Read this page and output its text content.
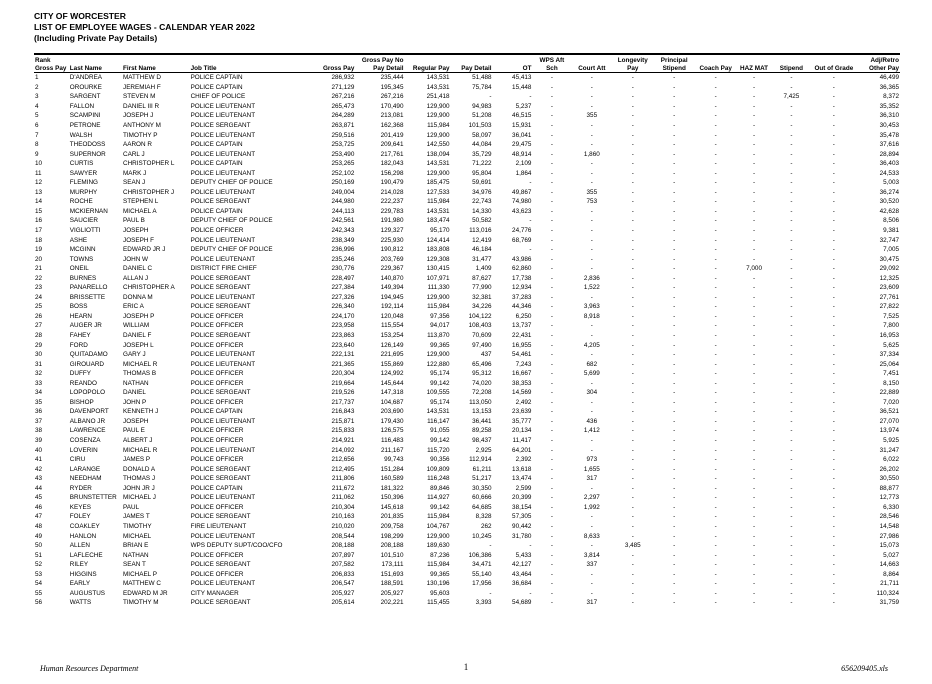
CITY OF WORCESTER
LIST OF EMPLOYEE WAGES - CALENDAR YEAR 2022
(Including Private Pay Details)
Rank Gross Pay	Last Name	First Name	Job Title	Gross Pay	Gross Pay No Pay Detail	Regular Pay	Pay Detail	OT	WPS Aft Sch	Court Att	Longevity Pay	Principal Stipend	Coach Pay	HAZ MAT	Stipend	Out of Grade	Adj/Retro Other Pay
1	D'ANDREA	MATTHEW D	POLICE CAPTAIN	286,932	235,444	143,531	51,488	45,413	-	-	-	-	-	-	-	-	46,499
2	OROURKE	JEREMIAH F	POLICE CAPTAIN	271,129	195,345	143,531	75,784	15,448	-	-	-	-	-	-	-	-	36,365
3	SARGENT	STEVEN M	CHIEF OF POLICE	267,216	267,216	251,418	-	-	-	-	-	-	-	-	7,425	-	8,372
4	FALLON	DANIEL III R	POLICE LIEUTENANT	265,473	170,490	129,900	94,983	5,237	-	-	-	-	-	-	-	-	35,352
5	SCAMPINI	JOSEPH J	POLICE LIEUTENANT	264,289	213,081	129,900	51,208	46,515	-	355	-	-	-	-	-	-	36,310
6	PETRONE	ANTHONY M	POLICE SERGEANT	263,871	162,368	115,984	101,503	15,931	-	-	-	-	-	-	-	-	30,453
7	WALSH	TIMOTHY P	POLICE LIEUTENANT	259,516	201,419	129,900	58,097	36,041	-	-	-	-	-	-	-	-	35,478
8	THEODOSS	AARON R	POLICE CAPTAIN	253,725	209,641	142,550	44,084	29,475	-	-	-	-	-	-	-	-	37,616
9	SUPERNOR	CARL J	POLICE LIEUTENANT	253,490	217,761	138,094	35,729	48,914	-	1,860	-	-	-	-	-	-	28,894
10	CURTIS	CHRISTOPHER L	POLICE CAPTAIN	253,265	182,043	143,531	71,222	2,109	-	-	-	-	-	-	-	-	36,403
11	SAWYER	MARK J	POLICE LIEUTENANT	252,102	156,298	129,900	95,804	1,864	-	-	-	-	-	-	-	-	24,533
12	FLEMING	SEAN J	DEPUTY CHIEF OF POLICE	250,169	190,479	185,475	59,691	-	-	-	-	-	-	-	-	-	5,003
13	MURPHY	CHRISTOPHER J	POLICE LIEUTENANT	249,004	214,028	127,533	34,976	49,867	-	355	-	-	-	-	-	-	36,274
14	ROCHE	STEPHEN L	POLICE SERGEANT	244,980	222,237	115,984	22,743	74,980	-	753	-	-	-	-	-	-	30,520
15	MCKIERNAN	MICHAEL A	POLICE CAPTAIN	244,113	229,783	143,531	14,330	43,623	-	-	-	-	-	-	-	-	42,628
16	SAUCIER	PAUL B	DEPUTY CHIEF OF POLICE	242,561	191,980	183,474	50,582	-	-	-	-	-	-	-	-	-	8,506
17	VIGLIOTTI	JOSEPH	POLICE OFFICER	242,343	129,327	95,170	113,016	24,776	-	-	-	-	-	-	-	-	9,381
18	ASHE	JOSEPH F	POLICE LIEUTENANT	238,349	225,930	124,414	12,419	68,769	-	-	-	-	-	-	-	-	32,747
19	MCGINN	EDWARD JR J	DEPUTY CHIEF OF POLICE	236,996	190,812	183,808	46,184	-	-	-	-	-	-	-	-	-	7,005
20	TOWNS	JOHN W	POLICE LIEUTENANT	235,246	203,769	129,308	31,477	43,986	-	-	-	-	-	-	-	-	30,475
21	ONEIL	DANIEL C	DISTRICT FIRE CHIEF	230,776	229,367	130,415	1,409	62,860	-	-	-	-	-	7,000	-	-	29,092
22	BURNES	ALLAN J	POLICE SERGEANT	228,497	140,870	107,971	87,627	17,738	-	2,836	-	-	-	-	-	-	12,325
23	PANARELLO	CHRISTOPHER A	POLICE SERGEANT	227,384	149,394	111,330	77,990	12,934	-	1,522	-	-	-	-	-	-	23,609
24	BRISSETTE	DONNA M	POLICE LIEUTENANT	227,326	194,945	129,900	32,381	37,283	-	-	-	-	-	-	-	-	27,761
25	BOSS	ERIC A	POLICE SERGEANT	226,340	192,114	115,984	34,226	44,346	-	3,963	-	-	-	-	-	-	27,822
26	HEARN	JOSEPH P	POLICE OFFICER	224,170	120,048	97,356	104,122	6,250	-	8,918	-	-	-	-	-	-	7,525
27	AUGER JR	WILLIAM	POLICE OFFICER	223,958	115,554	94,017	108,403	13,737	-	-	-	-	-	-	-	-	7,800
28	FAHEY	DANIEL F	POLICE SERGEANT	223,863	153,254	113,870	70,609	22,431	-	-	-	-	-	-	-	-	16,953
29	FORD	JOSEPH L	POLICE OFFICER	223,640	126,149	99,365	97,490	16,955	-	4,205	-	-	-	-	-	-	5,625
30	QUITADAMO	GARY J	POLICE LIEUTENANT	222,131	221,695	129,900	437	54,461	-	-	-	-	-	-	-	-	37,334
31	GIROUARD	MICHAEL R	POLICE LIEUTENANT	221,365	155,869	122,880	65,496	7,243	-	682	-	-	-	-	-	-	25,064
32	DUFFY	THOMAS B	POLICE OFFICER	220,304	124,992	95,174	95,312	16,667	-	5,699	-	-	-	-	-	-	7,451
33	REANDO	NATHAN	POLICE OFFICER	219,664	145,644	99,142	74,020	38,353	-	-	-	-	-	-	-	-	8,150
34	LOPOPOLO	DANIEL	POLICE SERGEANT	219,526	147,318	109,555	72,208	14,569	-	304	-	-	-	-	-	-	22,889
35	BISHOP	JOHN P	POLICE OFFICER	217,737	104,687	95,174	113,050	2,492	-	-	-	-	-	-	-	-	7,020
36	DAVENPORT	KENNETH J	POLICE CAPTAIN	216,843	203,690	143,531	13,153	23,639	-	-	-	-	-	-	-	-	36,521
37	ALBANO JR	JOSEPH	POLICE LIEUTENANT	215,871	179,430	116,147	36,441	35,777	-	436	-	-	-	-	-	-	27,070
38	LAWRENCE	PAUL E	POLICE OFFICER	215,833	126,575	91,055	89,258	20,134	-	1,412	-	-	-	-	-	-	13,974
39	COSENZA	ALBERT J	POLICE OFFICER	214,921	116,483	99,142	98,437	11,417	-	-	-	-	-	-	-	-	5,925
40	LOVERIN	MICHAEL R	POLICE LIEUTENANT	214,092	211,167	115,720	2,925	64,201	-	-	-	-	-	-	-	-	31,247
41	CIRU	JAMES P	POLICE OFFICER	212,656	99,743	90,356	112,914	2,392	-	973	-	-	-	-	-	-	6,022
42	LARANGE	DONALD A	POLICE SERGEANT	212,495	151,284	109,809	61,211	13,618	-	1,655	-	-	-	-	-	-	26,202
43	NEEDHAM	THOMAS J	POLICE SERGEANT	211,806	160,589	116,248	51,217	13,474	-	317	-	-	-	-	-	-	30,550
44	RYDER	JOHN JR J	POLICE CAPTAIN	211,672	181,322	89,846	30,350	2,599	-	-	-	-	-	-	-	-	88,877
45	BRUNSTETTER	MICHAEL J	POLICE LIEUTENANT	211,062	150,396	114,927	60,666	20,399	-	2,297	-	-	-	-	-	-	12,773
46	KEYES	PAUL	POLICE OFFICER	210,304	145,618	99,142	64,685	38,154	-	1,992	-	-	-	-	-	-	6,330
47	FOLEY	JAMES T	POLICE SERGEANT	210,163	201,835	115,984	8,328	57,305	-	-	-	-	-	-	-	-	28,546
48	COAKLEY	TIMOTHY	FIRE LIEUTENANT	210,020	209,758	104,767	262	90,442	-	-	-	-	-	-	-	-	14,548
49	HANLON	MICHAEL	POLICE LIEUTENANT	208,544	198,299	129,900	10,245	31,780	-	8,633	-	-	-	-	-	-	27,986
50	ALLEN	BRIAN E	WPS DEPUTY SUPT/COO/CFO	208,188	208,188	189,630	-	-	-	-	3,485	-	-	-	-	-	15,073
51	LAFLECHE	NATHAN	POLICE OFFICER	207,897	101,510	87,236	106,386	5,433	-	3,814	-	-	-	-	-	-	5,027
52	RILEY	SEAN T	POLICE SERGEANT	207,582	173,111	115,984	34,471	42,127	-	337	-	-	-	-	-	-	14,663
53	HIGGINS	MICHAEL P	POLICE OFFICER	206,833	151,693	99,365	55,140	43,464	-	-	-	-	-	-	-	-	8,864
54	EARLY	MATTHEW C	POLICE LIEUTENANT	206,547	188,591	130,196	17,956	36,684	-	-	-	-	-	-	-	-	21,711
55	AUGUSTUS	EDWARD M JR	CITY MANAGER	205,927	205,927	95,603	-	-	-	-	-	-	-	-	-	-	110,324
56	WATTS	TIMOTHY M	POLICE SERGEANT	205,614	202,221	115,455	3,393	54,689	-	317	-	-	-	-	-	-	31,759
Human Resources Department	1	656209405.xls
